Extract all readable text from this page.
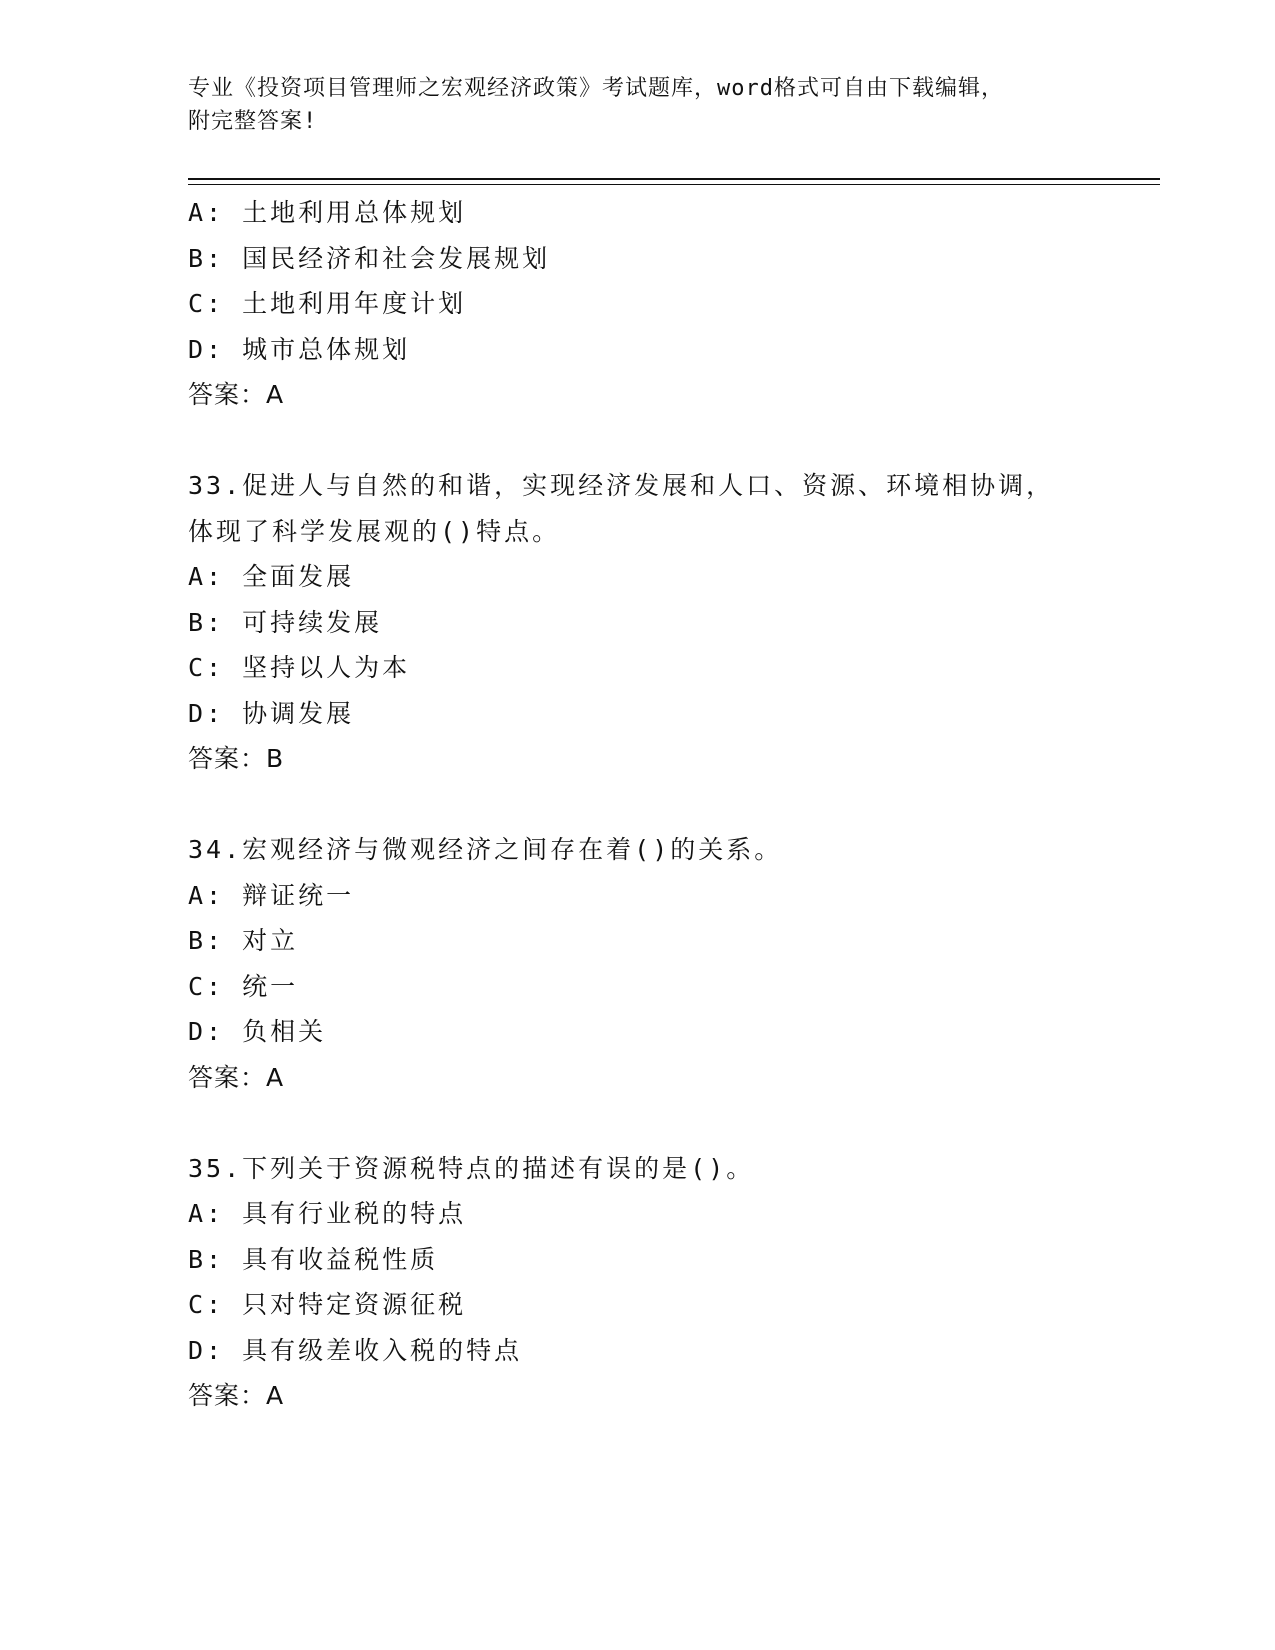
专业《投资项目管理师之宏观经济政策》考试题库，word格式可自由下载编辑，
附完整答案!
A: 土地利用总体规划
B: 国民经济和社会发展规划
C: 土地利用年度计划
D: 城市总体规划
答案：A
33.促进人与自然的和谐，实现经济发展和人口、资源、环境相协调，
体现了科学发展观的()特点。
A: 全面发展
B: 可持续发展
C: 坚持以人为本
D: 协调发展
答案：B
34.宏观经济与微观经济之间存在着()的关系。
A: 辩证统一
B: 对立
C: 统一
D: 负相关
答案：A
35.下列关于资源税特点的描述有误的是()。
A: 具有行业税的特点
B: 具有收益税性质
C: 只对特定资源征税
D: 具有级差收入税的特点
答案：A
